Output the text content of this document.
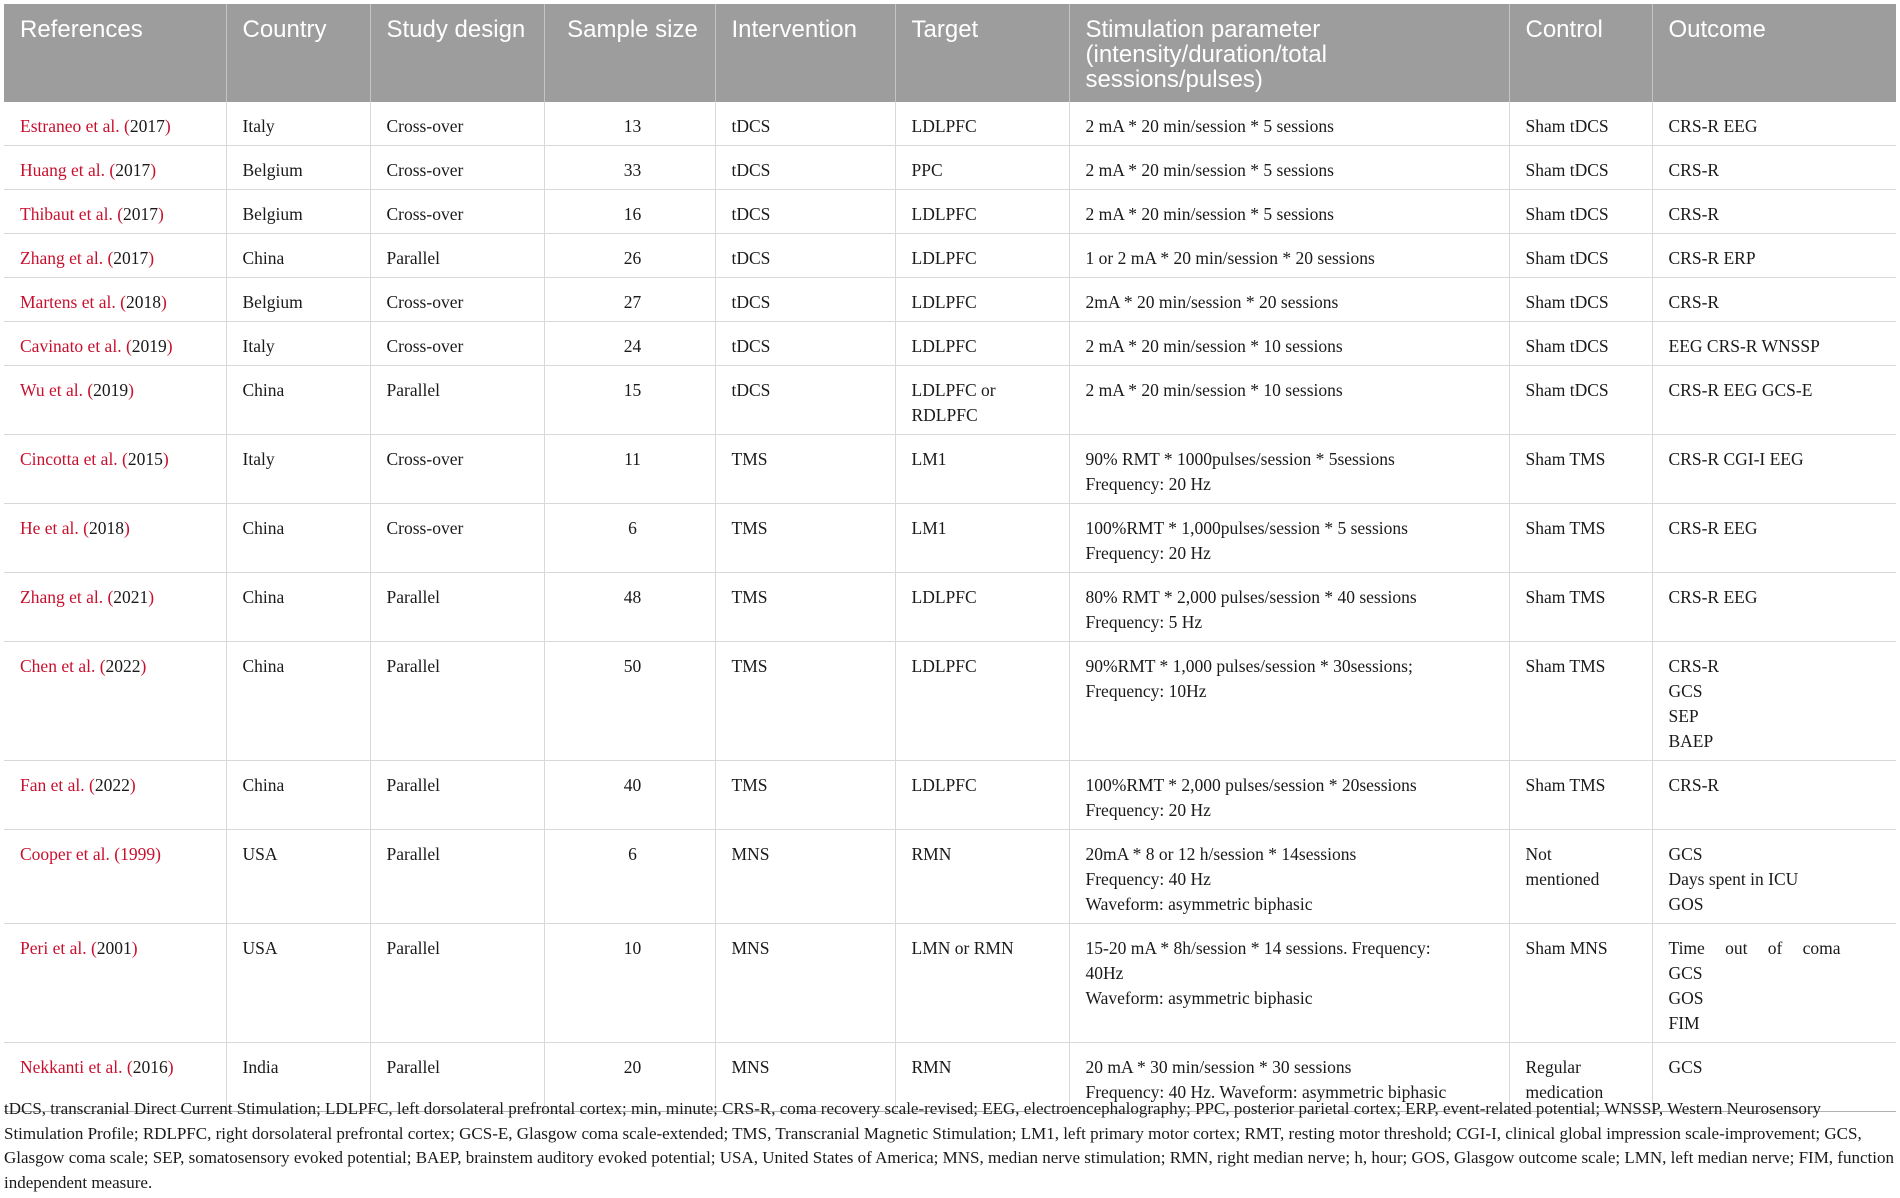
References	Country	Study design	Sample size	Intervention	Target	Stimulation parameter (intensity/duration/total sessions/pulses)	Control	Outcome
Estraneo et al. (2017)	Italy	Cross-over	13	tDCS	LDLPFC	2 mA * 20 min/session * 5 sessions	Sham tDCS	CRS-R EEG
Huang et al. (2017)	Belgium	Cross-over	33	tDCS	PPC	2 mA * 20 min/session * 5 sessions	Sham tDCS	CRS-R
Thibaut et al. (2017)	Belgium	Cross-over	16	tDCS	LDLPFC	2 mA * 20 min/session * 5 sessions	Sham tDCS	CRS-R
Zhang et al. (2017)	China	Parallel	26	tDCS	LDLPFC	1 or 2 mA * 20 min/session * 20 sessions	Sham tDCS	CRS-R ERP
Martens et al. (2018)	Belgium	Cross-over	27	tDCS	LDLPFC	2mA * 20 min/session * 20 sessions	Sham tDCS	CRS-R
Cavinato et al. (2019)	Italy	Cross-over	24	tDCS	LDLPFC	2 mA * 20 min/session * 10 sessions	Sham tDCS	EEG CRS-R WNSSP
Wu et al. (2019)	China	Parallel	15	tDCS	LDLPFC or
RDLPFC	2 mA * 20 min/session * 10 sessions	Sham tDCS	CRS-R EEG GCS-E
Cincotta et al. (2015)	Italy	Cross-over	11	TMS	LM1	90% RMT * 1000pulses/session * 5sessions
Frequency: 20 Hz	Sham TMS	CRS-R CGI-I EEG
He et al. (2018)	China	Cross-over	6	TMS	LM1	100%RMT * 1,000pulses/session * 5 sessions
Frequency: 20 Hz	Sham TMS	CRS-R EEG
Zhang et al. (2021)	China	Parallel	48	TMS	LDLPFC	80% RMT * 2,000 pulses/session * 40 sessions
Frequency: 5 Hz	Sham TMS	CRS-R EEG
Chen et al. (2022)	China	Parallel	50	TMS	LDLPFC	90%RMT * 1,000 pulses/session * 30sessions;
Frequency: 10Hz	Sham TMS	CRS-R
GCS
SEP
BAEP
Fan et al. (2022)	China	Parallel	40	TMS	LDLPFC	100%RMT * 2,000 pulses/session * 20sessions
Frequency: 20 Hz	Sham TMS	CRS-R
Cooper et al. (1999)	USA	Parallel	6	MNS	RMN	20mA * 8 or 12 h/session * 14sessions
Frequency: 40 Hz
Waveform: asymmetric biphasic	Not
mentioned	GCS
Days spent in ICU
GOS
Peri et al. (2001)	USA	Parallel	10	MNS	LMN or RMN	15-20 mA * 8h/session * 14 sessions. Frequency:
40Hz
Waveform: asymmetric biphasic	Sham MNS	Time out of coma
GCS
GOS
FIM
Nekkanti et al. (2016)	India	Parallel	20	MNS	RMN	20 mA * 30 min/session * 30 sessions
Frequency: 40 Hz. Waveform: asymmetric biphasic	Regular
medication	GCS
tDCS, transcranial Direct Current Stimulation; LDLPFC, left dorsolateral prefrontal cortex; min, minute; CRS-R, coma recovery scale-revised; EEG, electroencephalography; PPC, posterior parietal cortex; ERP, event-related potential; WNSSP, Western Neurosensory Stimulation Profile; RDLPFC, right dorsolateral prefrontal cortex; GCS-E, Glasgow coma scale-extended; TMS, Transcranial Magnetic Stimulation; LM1, left primary motor cortex; RMT, resting motor threshold; CGI-I, clinical global impression scale-improvement; GCS, Glasgow coma scale; SEP, somatosensory evoked potential; BAEP, brainstem auditory evoked potential; USA, United States of America; MNS, median nerve stimulation; RMN, right median nerve; h, hour; GOS, Glasgow outcome scale; LMN, left median nerve; FIM, function independent measure.
